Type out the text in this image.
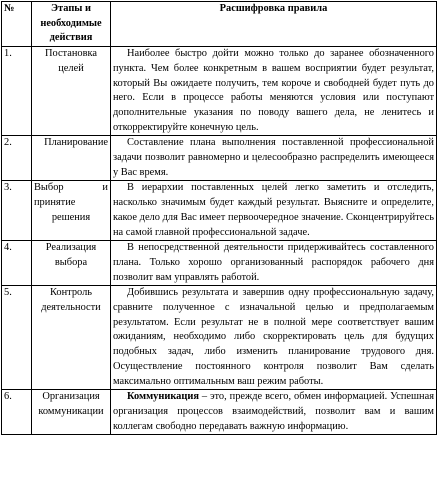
№	Этапы и необходимые действия	Расшифровка правила
1.	Постановка целей	Наиболее быстро дойти можно только до заранее обозначенного пункта. Чем более конкретным в вашем восприятии будет результат, который Вы ожидаете получить, тем короче и свободней будет путь до него. Если в процессе работы меняются условия или поступают дополнительные указания по поводу вашего дела, не ленитесь и откорректируйте конечную цель.
2.	Планирование	Составление плана выполнения поставленной профессиональной задачи позволит равномерно и целесообразно распределить имеющееся у Вас время.
3.	Выбор и принятие решения	В иерархии поставленных целей легко заметить и отследить, насколько значимым будет каждый результат. Выясните и определите, какое дело для Вас имеет первоочередное значение. Сконцентрируйтесь на самой главной профессиональной задаче.
4.	Реализация выбора	В непосредственной деятельности придерживайтесь составленного плана. Только хорошо организованный распорядок рабочего дня позволит вам управлять работой.
5.	Контроль деятельности	Добившись результата и завершив одну профессиональную задачу, сравните полученное с изначальной целью и предполагаемым результатом. Если результат не в полной мере соответствует вашим ожиданиям, необходимо либо скорректировать цель для будущих подобных задач, либо изменить планирование трудового дня. Осуществление постоянного контроля позволит Вам сделать максимально оптимальным ваш режим работы.
6.	Организация коммуникации	Коммуникация – это, прежде всего, обмен информацией. Успешная организация процессов взаимодействий, позволит вам и вашим коллегам свободно передавать важную информацию.
